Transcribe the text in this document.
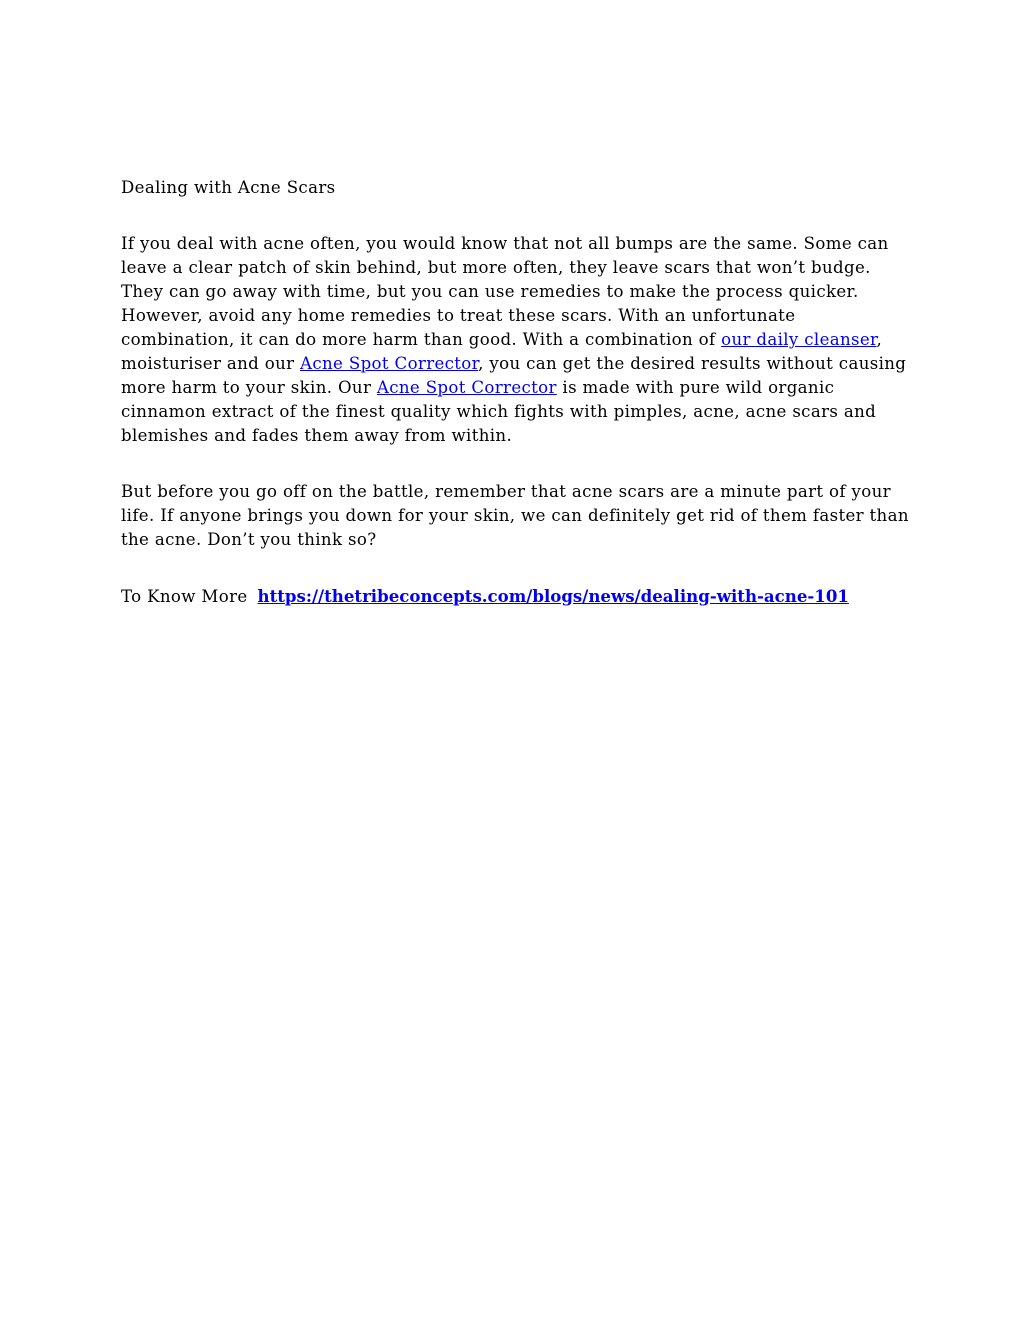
Dealing with Acne Scars

If you deal with acne often, you would know that not all bumps are the same. Some can leave a clear patch of skin behind, but more often, they leave scars that won’t budge. They can go away with time, but you can use remedies to make the process quicker. However, avoid any home remedies to treat these scars. With an unfortunate combination, it can do more harm than good. With a combination of our daily cleanser, moisturiser and our Acne Spot Corrector, you can get the desired results without causing more harm to your skin. Our Acne Spot Corrector is made with pure wild organic cinnamon extract of the finest quality which fights with pimples, acne, acne scars and blemishes and fades them away from within.

But before you go off on the battle, remember that acne scars are a minute part of your life. If anyone brings you down for your skin, we can definitely get rid of them faster than the acne. Don’t you think so?

To Know More https://thetribeconcepts.com/blogs/news/dealing-with-acne-101
